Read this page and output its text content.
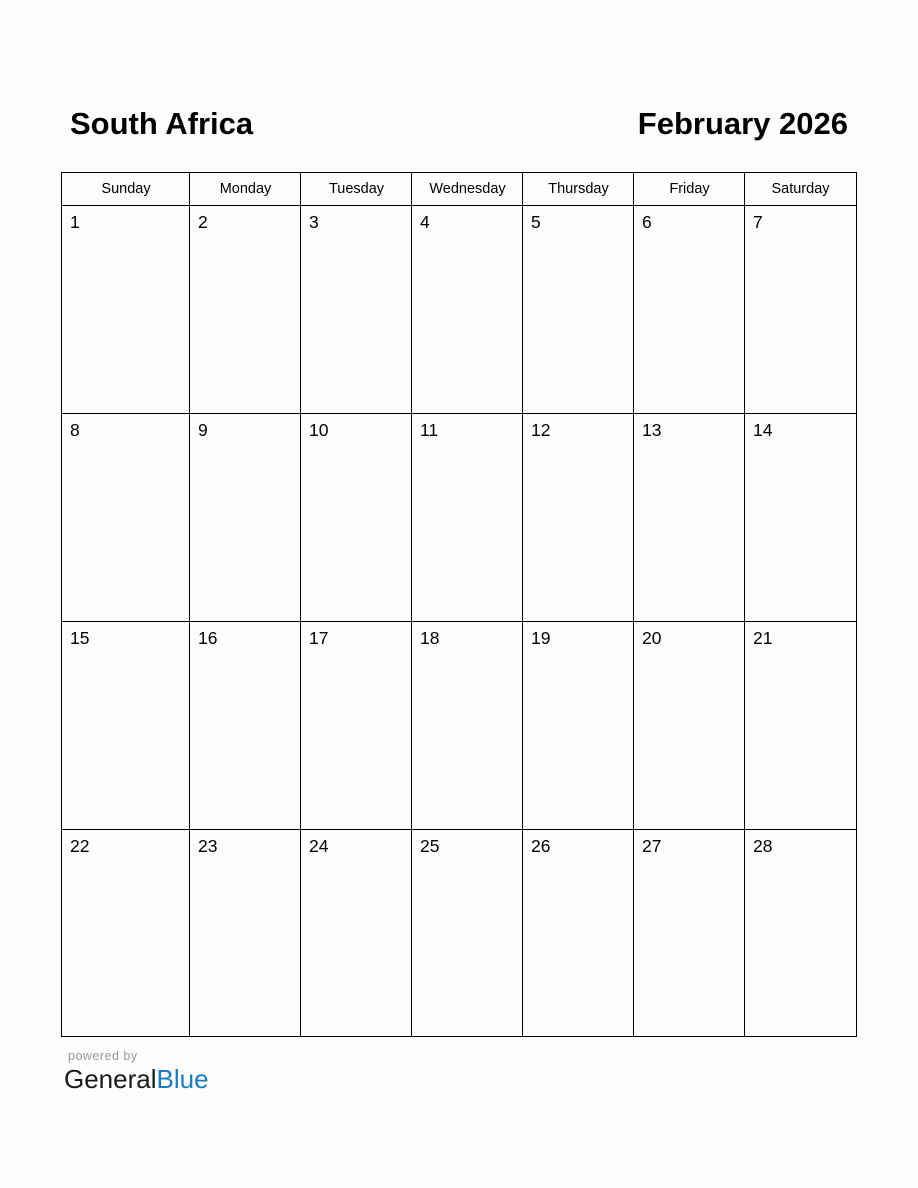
South Africa	February 2026
Sunday	Monday	Tuesday	Wednesday	Thursday	Friday	Saturday
1	2	3	4	5	6	7
8	9	10	11	12	13	14
15	16	17	18	19	20	21
22	23	24	25	26	27	28
powered by
GeneralBlue
